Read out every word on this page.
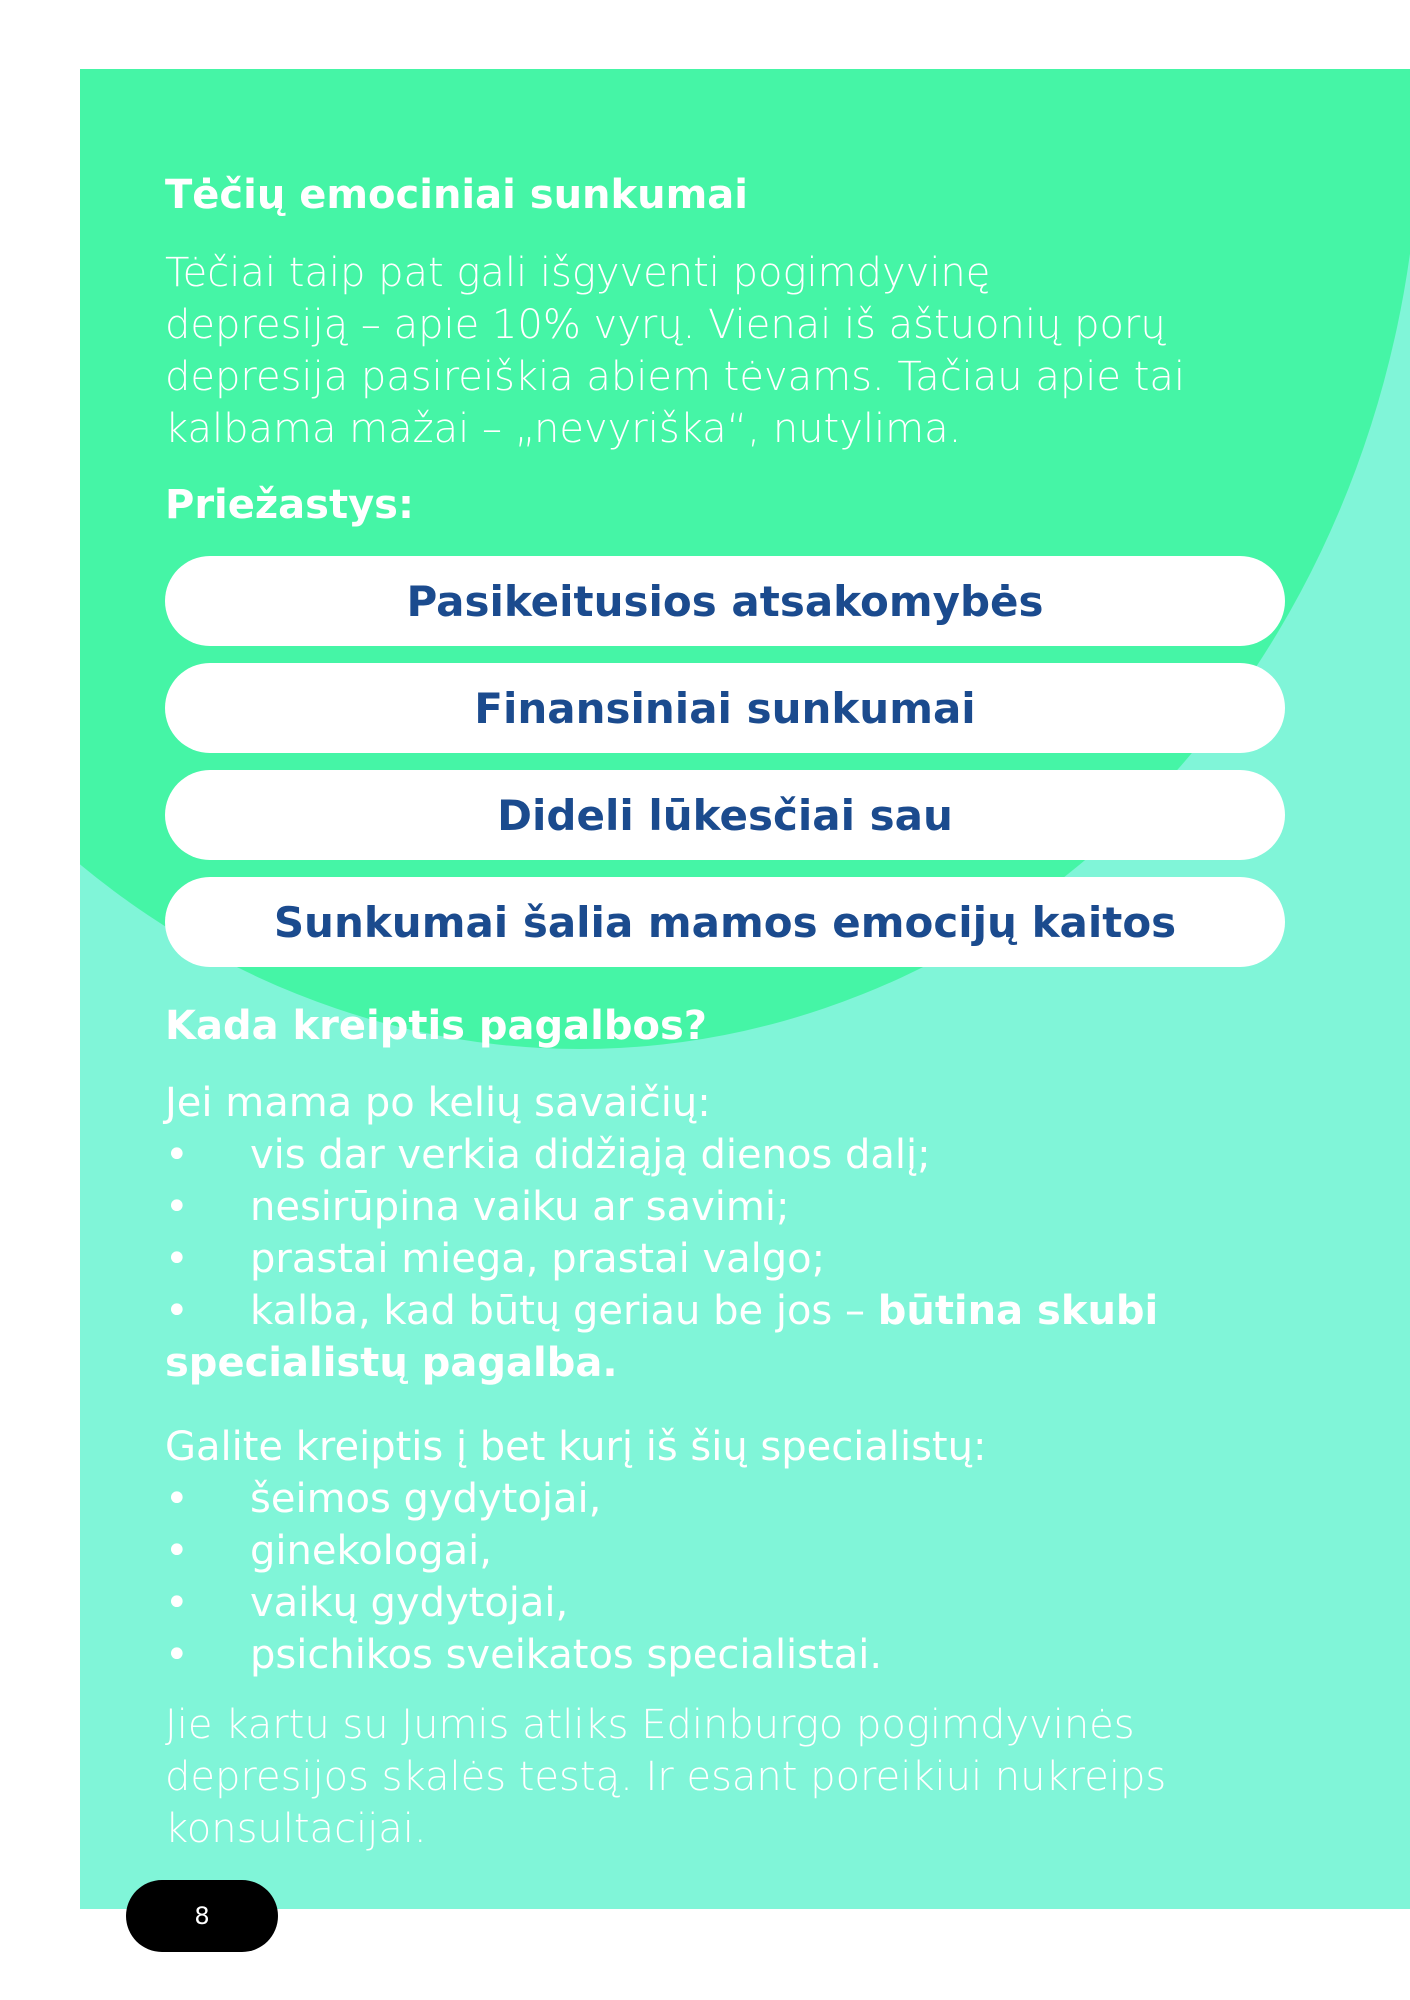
Tėčių emociniai sunkumai
Tėčiai taip pat gali išgyventi pogimdyvinę
depresiją – apie 10% vyrų. Vienai iš aštuonių porų
depresija pasireiškia abiem tėvams. Tačiau apie tai
kalbama mažai – „nevyriška“, nutylima.
Priežastys:
Pasikeitusios atsakomybės
Finansiniai sunkumai
Dideli lūkesčiai sau
Sunkumai šalia mamos emocijų kaitos
Kada kreiptis pagalbos?
Jei mama po kelių savaičių:
• vis dar verkia didžiąją dienos dalį;
• nesirūpina vaiku ar savimi;
• prastai miega, prastai valgo;
• kalba, kad būtų geriau be jos – būtina skubi
specialistų pagalba.
Galite kreiptis į bet kurį iš šių specialistų:
• šeimos gydytojai,
• ginekologai,
• vaikų gydytojai,
• psichikos sveikatos specialistai.
Jie kartu su Jumis atliks Edinburgo pogimdyvinės
depresijos skalės testą. Ir esant poreikiui nukreips
konsultacijai.
8
